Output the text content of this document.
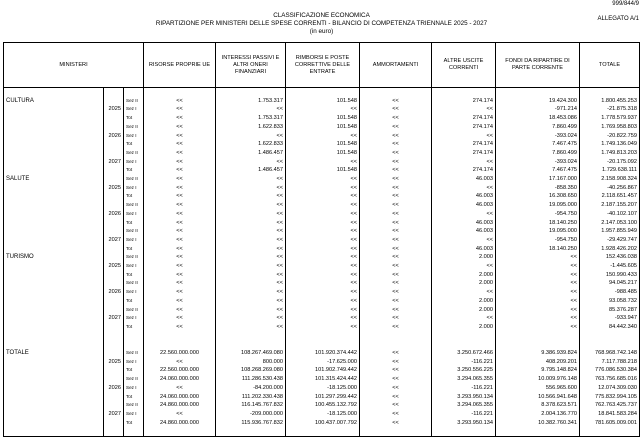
999/844/9
CLASSIFICAZIONE ECONOMICA
RIPARTIZIONE PER MINISTERI DELLE SPESE CORRENTI - BILANCIO DI COMPETENZA TRIENNALE 2025 - 2027
(in euro)
ALLEGATO A/1
MINISTERI			RISORSE PROPRIE UE	INTERESSI PASSIVI E ALTRI ONERI FINANZIARI	RIMBORSI E POSTE CORRETTIVE DELLE ENTRATE	AMMORTAMENTI	ALTRE USCITE CORRENTI	FONDI DA RIPARTIRE DI PARTE CORRENTE	TOTALE

CULTURA		Sez II	<<	1.753.317	101.548	<<	274.174	19.424.300	1.800.455.253
	2025	Sez I	<<	<<	<<	<<	<<	-971.214	-21.875.318
		Tot	<<	1.753.317	101.548	<<	274.174	18.453.086	1.778.579.937
		Sez II	<<	1.622.833	101.548	<<	274.174	7.860.499	1.769.958.803
	2026	Sez I	<<	<<	<<	<<	<<	-393.024	-20.822.759
		Tot	<<	1.622.833	101.548	<<	274.174	7.467.475	1.749.136.049
		Sez II	<<	1.486.457	101.548	<<	274.174	7.860.499	1.749.813.203
	2027	Sez I	<<	<<	<<	<<	<<	-393.024	-20.175.092
		Tot	<<	1.486.457	101.548	<<	274.174	7.467.475	1.729.638.111
SALUTE		Sez II	<<	<<	<<	<<	46.003	17.167.000	2.158.908.324
	2025	Sez I	<<	<<	<<	<<	<<	-858.350	-40.256.867
		Tot	<<	<<	<<	<<	46.003	16.308.650	2.118.651.457
		Sez II	<<	<<	<<	<<	46.003	19.095.000	2.187.155.207
	2026	Sez I	<<	<<	<<	<<	<<	-954.750	-40.102.107
		Tot	<<	<<	<<	<<	46.003	18.140.250	2.147.053.100
		Sez II	<<	<<	<<	<<	46.003	19.095.000	1.957.855.949
	2027	Sez I	<<	<<	<<	<<	<<	-954.750	-29.429.747
		Tot	<<	<<	<<	<<	46.003	18.140.250	1.928.426.202
TURISMO		Sez II	<<	<<	<<	<<	2.000	<<	152.436.038
	2025	Sez I	<<	<<	<<	<<	<<	<<	-1.445.605
		Tot	<<	<<	<<	<<	2.000	<<	150.990.433
		Sez II	<<	<<	<<	<<	2.000	<<	94.045.217
	2026	Sez I	<<	<<	<<	<<	<<	<<	-988.485
		Tot	<<	<<	<<	<<	2.000	<<	93.058.732
		Sez II	<<	<<	<<	<<	2.000	<<	85.376.287
	2027	Sez I	<<	<<	<<	<<	<<	<<	-933.947
		Tot	<<	<<	<<	<<	2.000	<<	84.442.340

TOTALE		Sez II	22.560.000.000	108.267.469.080	101.920.374.442	<<	3.250.672.466	9.386.939.824	768.968.742.148
	2025	Sez I	<<	800.000	-17.625.000	<<	-116.221	408.209.201	7.117.788.218
		Tot	22.560.000.000	108.268.269.080	101.902.749.442	<<	3.250.556.225	9.795.148.824	776.086.530.384
		Sez II	24.060.000.000	111.286.530.438	101.315.424.442	<<	3.294.065.355	10.009.976.148	763.756.685.016
	2026	Sez I	<<	-84.200.000	-18.125.000	<<	-116.221	556.965.600	12.074.309.030
		Tot	24.060.000.000	111.202.330.438	101.297.299.442	<<	3.293.950.134	10.566.941.648	775.832.994.105
		Sez II	24.860.000.000	116.145.767.832	100.455.132.792	<<	3.294.065.355	8.378.623.571	762.763.425.737
	2027	Sez I	<<	-209.000.000	-18.125.000	<<	-116.221	2.004.136.770	18.841.583.284
		Tot	24.860.000.000	115.936.767.832	100.437.007.792	<<	3.293.950.134	10.382.760.341	781.605.009.001
